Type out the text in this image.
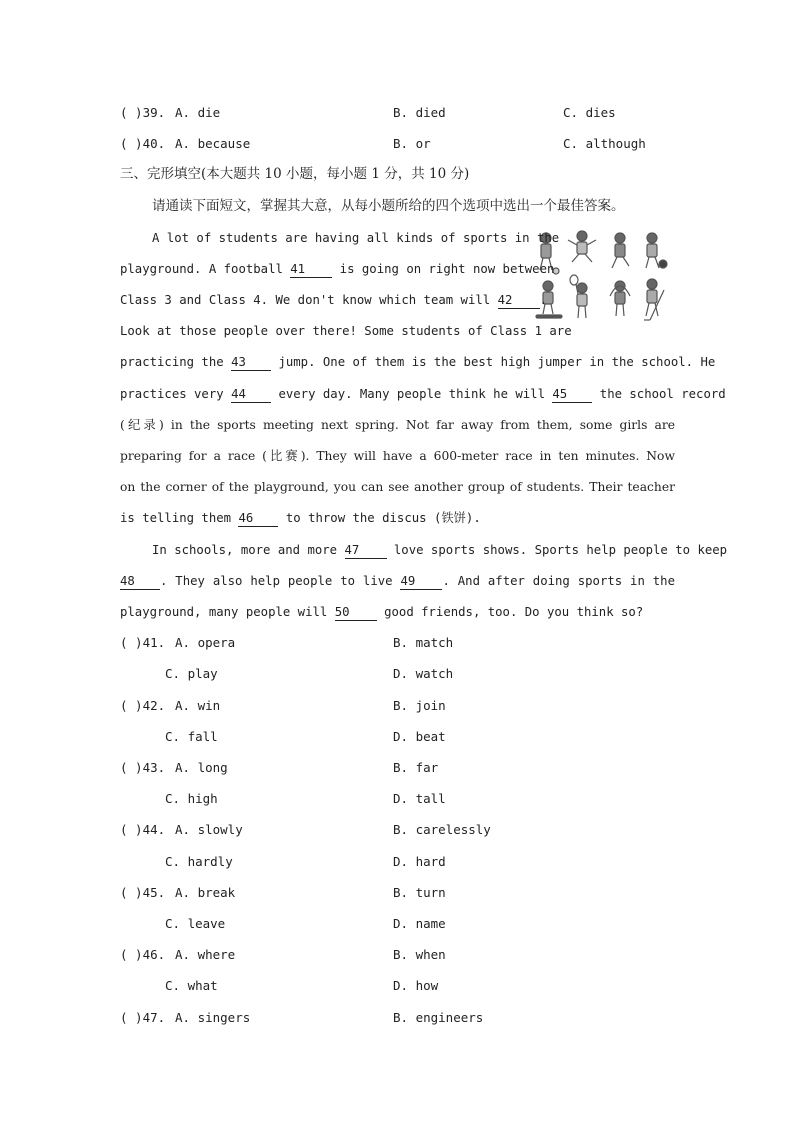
( )39. A. die	B. died	C. dies
( )40. A. because	B. or	C. although
三、完形填空(本大题共 10 小题，每小题 1 分，共 10 分)
请通读下面短文，掌握其大意，从每小题所给的四个选项中选出一个最佳答案。
A lot of students are having all kinds of sports in the
playground. A football 41 is going on right now between
Class 3 and Class 4. We don't know which team will 42 .
Look at those people over there! Some students of Class 1 are
practicing the 43 jump. One of them is the best high jumper in the school. He
practices very 44 every day. Many people think he will 45 the school record
(纪录) in the sports meeting next spring. Not far away from them, some girls are
preparing for a race (比赛). They will have a 600-meter race in ten minutes. Now
on the corner of the playground, you can see another group of students. Their teacher
is telling them 46 to throw the discus (铁饼).
In schools, more and more 47 love sports shows. Sports help people to keep
48 . They also help people to live 49 . And after doing sports in the
playground, many people will 50 good friends, too. Do you think so?
( )41. A. opera	B. match
C. play	D. watch
( )42. A. win	B. join
C. fall	D. beat
( )43. A. long	B. far
C. high	D. tall
( )44. A. slowly	B. carelessly
C. hardly	D. hard
( )45. A. break	B. turn
C. leave	D. name
( )46. A. where	B. when
C. what	D. how
( )47. A. singers	B. engineers
